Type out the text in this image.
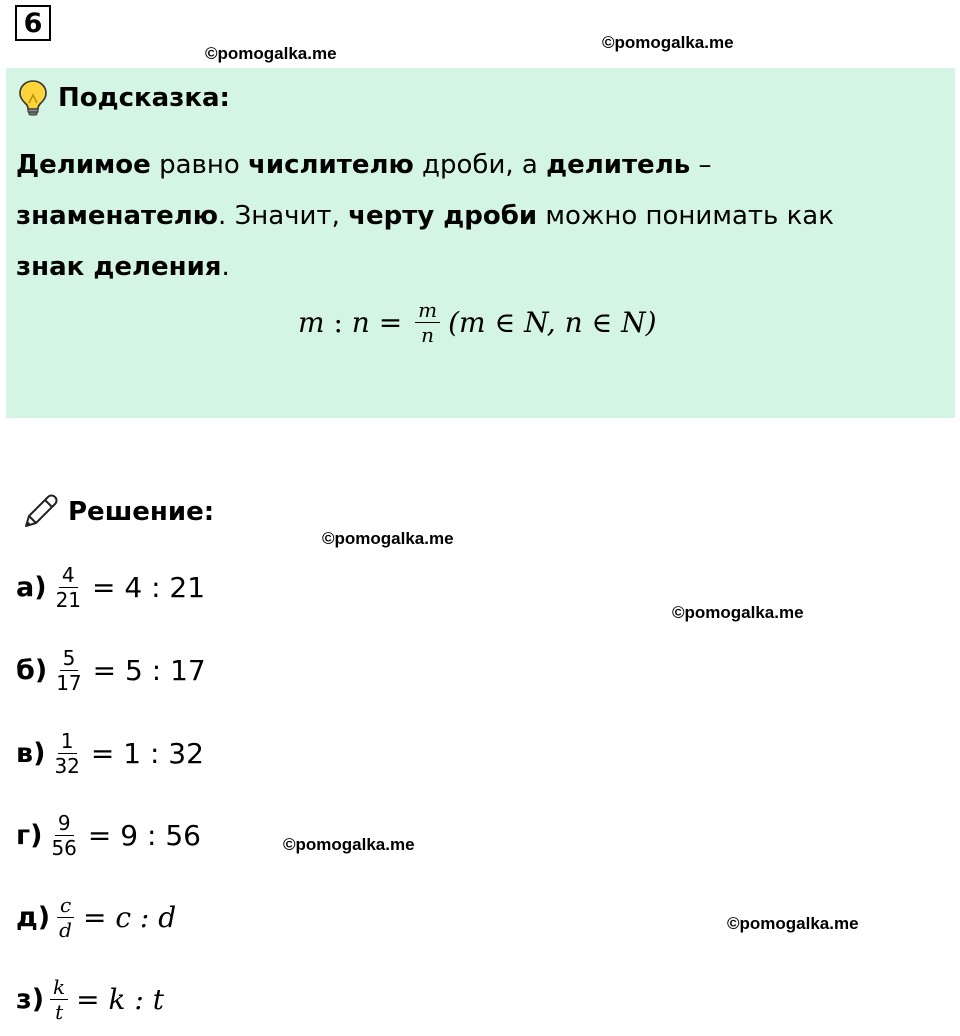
6
©pomogalka.me
©pomogalka.me
Подсказка:
Делимое равно числителю дроби, а делитель –
знаменателю. Значит, черту дроби можно понимать как
знак деления.
m : $n = \frac{m}{n} (m$ ∈ N, n ∈ N)
Решение:
©pomogalka.me
©pomogalka.me
©pomogalka.me
©pomogalka.me
$а) \frac{4}{21} = 4$ : 21
$б) \frac{5}{17} = 5$ : 17
$в) \frac{1}{32} = 1$ : 32
$г) \frac{9}{56} = 9$ : 56
$д) \frac{c}{d} = c$ : d
$з) \frac{k}{t} = k$ : t
